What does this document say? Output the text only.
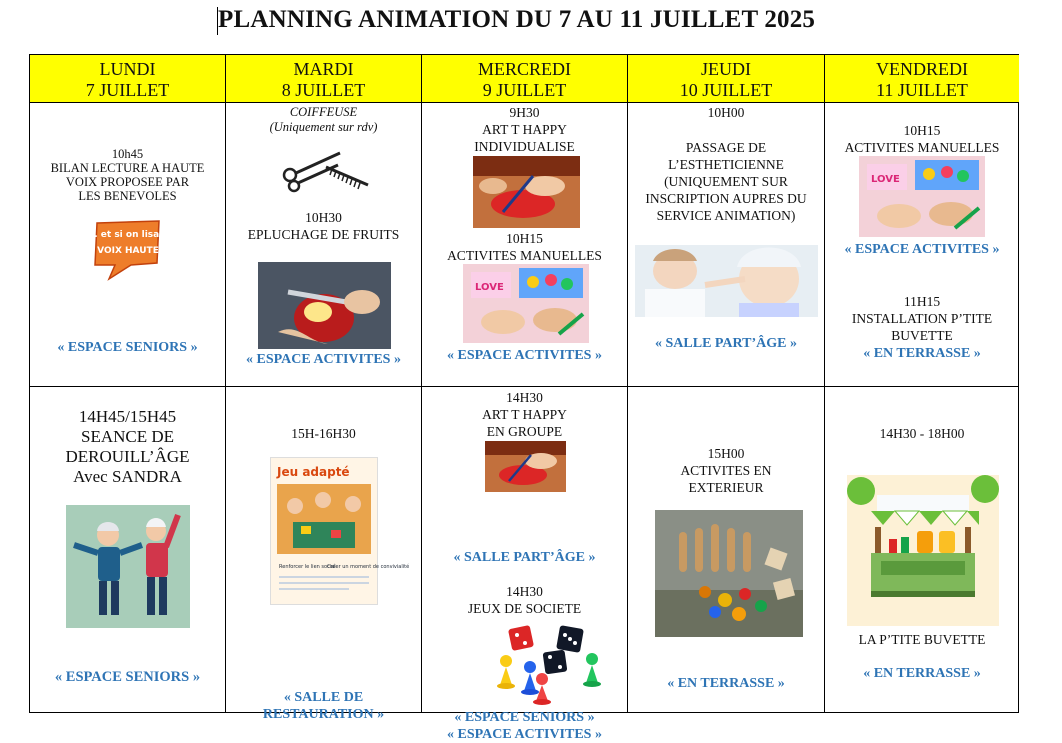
PLANNING ANIMATION DU 7 AU 11 JUILLET 2025
LUNDI
7 JUILLET
MARDI
8 JUILLET
MERCREDI
9 JUILLET
JEUDI
10 JUILLET
VENDREDI
11 JUILLET
10h45
BILAN LECTURE A HAUTE
VOIX PROPOSEE PAR
LES BENEVOLES
... et si on lisait
à VOIX HAUTE !
« ESPACE SENIORS »
COIFFEUSE
(Uniquement sur rdv)
10H30
EPLUCHAGE DE FRUITS
« ESPACE ACTIVITES »
9H30
ART T HAPPY
INDIVIDUALISE
10H15
ACTIVITES MANUELLES
LOVE
« ESPACE ACTIVITES »
10H00
PASSAGE DE
L’ESTHETICIENNE
(UNIQUEMENT SUR
INSCRIPTION AUPRES DU
SERVICE ANIMATION)
« SALLE PART’ÂGE »
10H15
ACTIVITES MANUELLES
LOVE
« ESPACE ACTIVITES »
11H15
INSTALLATION P’TITE
BUVETTE
« EN TERRASSE »
14H45/15H45
SEANCE DE
DEROUILL’ÂGE
Avec SANDRA
« ESPACE SENIORS »
15H-16H30
Jeu adapté
Renforcer le lien social
Créer un moment de convivialité
« SALLE DE
RESTAURATION »
14H30
ART T HAPPY
EN GROUPE
« SALLE PART’ÂGE »
14H30
JEUX DE SOCIETE
« ESPACE SENIORS »
« ESPACE ACTIVITES »
15H00
ACTIVITES EN
EXTERIEUR
« EN TERRASSE »
14H30 - 18H00
LA P’TITE BUVETTE
« EN TERRASSE »
